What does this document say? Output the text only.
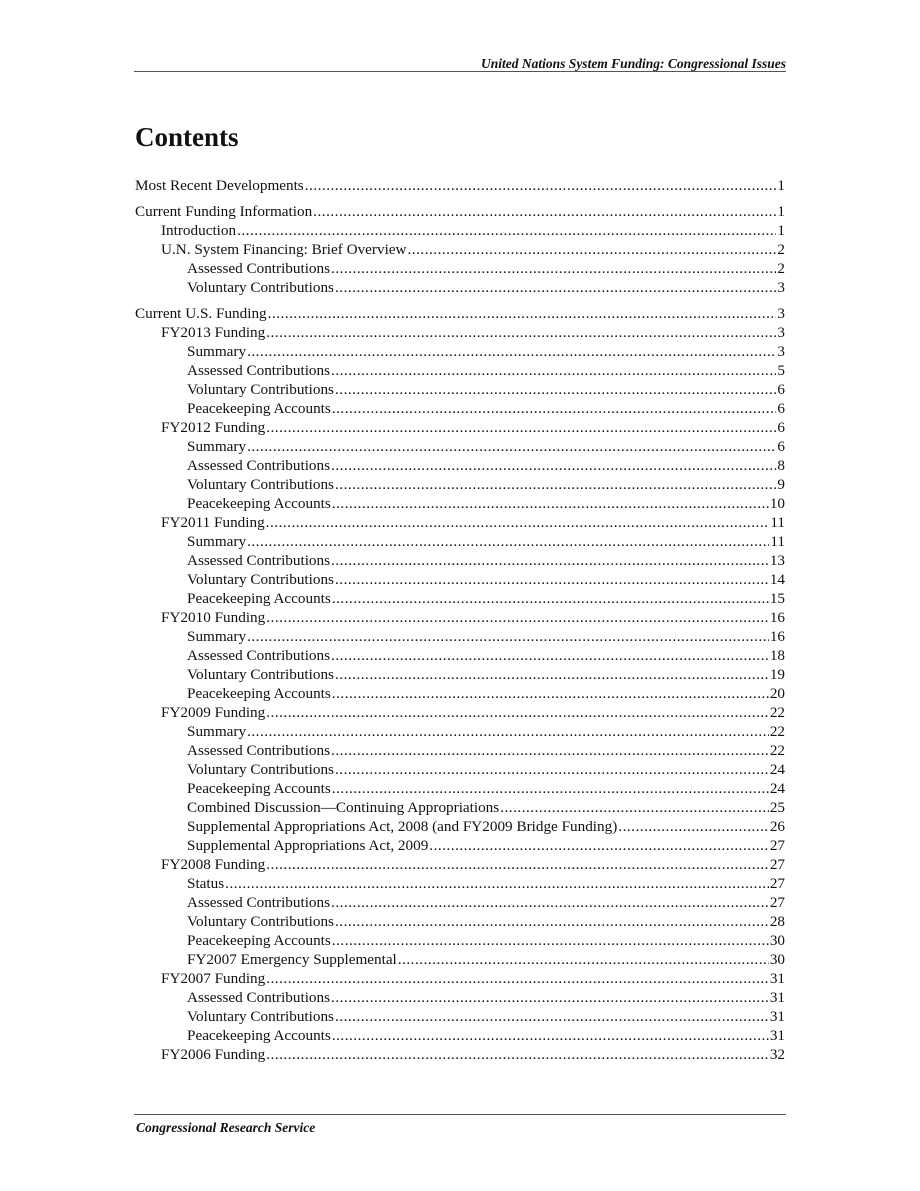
United Nations System Funding: Congressional Issues
Contents
Most Recent Developments .....	1
Current Funding Information .....	1
Introduction .....	1
U.N. System Financing: Brief Overview .....	2
Assessed Contributions .....	2
Voluntary Contributions .....	3
Current U.S. Funding .....	3
FY2013 Funding .....	3
Summary .....	3
Assessed Contributions .....	5
Voluntary Contributions .....	6
Peacekeeping Accounts .....	6
FY2012 Funding .....	6
Summary .....	6
Assessed Contributions .....	8
Voluntary Contributions .....	9
Peacekeeping Accounts .....	10
FY2011 Funding .....	11
Summary .....	11
Assessed Contributions .....	13
Voluntary Contributions .....	14
Peacekeeping Accounts .....	15
FY2010 Funding .....	16
Summary .....	16
Assessed Contributions .....	18
Voluntary Contributions .....	19
Peacekeeping Accounts .....	20
FY2009 Funding .....	22
Summary .....	22
Assessed Contributions .....	22
Voluntary Contributions .....	24
Peacekeeping Accounts .....	24
Combined Discussion—Continuing Appropriations .....	25
Supplemental Appropriations Act, 2008 (and FY2009 Bridge Funding) .....	26
Supplemental Appropriations Act, 2009 .....	27
FY2008 Funding .....	27
Status .....	27
Assessed Contributions .....	27
Voluntary Contributions .....	28
Peacekeeping Accounts .....	30
FY2007 Emergency Supplemental .....	30
FY2007 Funding .....	31
Assessed Contributions .....	31
Voluntary Contributions .....	31
Peacekeeping Accounts .....	31
FY2006 Funding .....	32
Congressional Research Service
